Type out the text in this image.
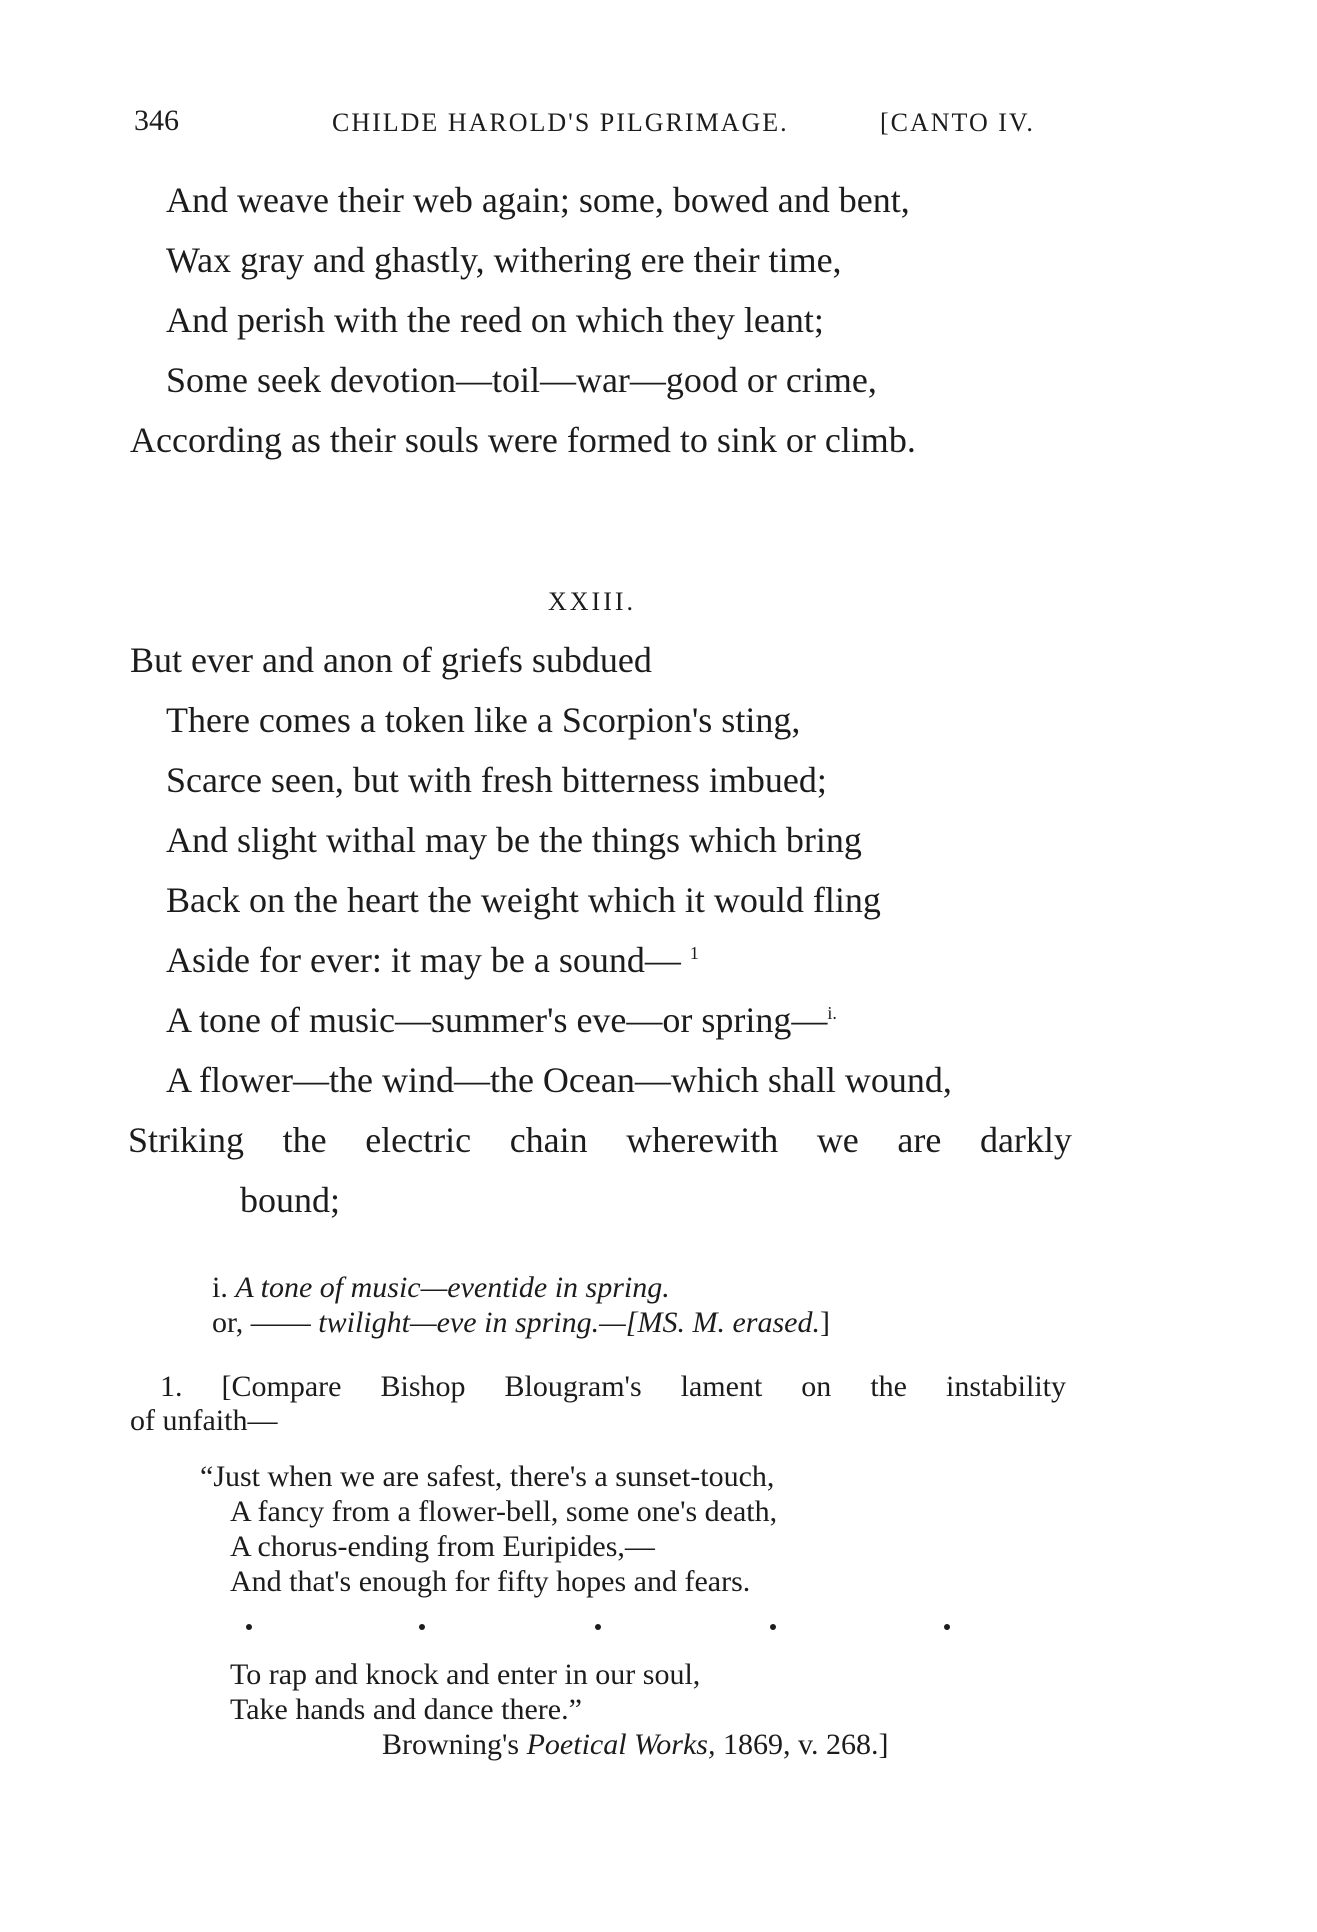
346	CHILDE HAROLD'S PILGRIMAGE.	[CANTO IV.
And weave their web again; some, bowed and bent,
Wax gray and ghastly, withering ere their time,
And perish with the reed on which they leant;
Some seek devotion—toil—war—good or crime,
According as their souls were formed to sink or climb.
XXIII.
But ever and anon of griefs subdued
There comes a token like a Scorpion's sting,
Scarce seen, but with fresh bitterness imbued;
And slight withal may be the things which bring
Back on the heart the weight which it would fling
Aside for ever: it may be a sound— $^1$
A tone of music—summer's eve—or spring—$^{i.}$
A flower—the wind—the Ocean—which shall wound,
Striking the electric chain wherewith we are darkly
bound;
i. A tone of music—eventide in spring.
or, —— twilight—eve in spring.—[MS. M. erased.]
1. [Compare Bishop Blougram's lament on the instability
of unfaith—
“Just when we are safest, there's a sunset-touch,
A fancy from a flower-bell, some one's death,
A chorus-ending from Euripides,—
And that's enough for fifty hopes and fears.
To rap and knock and enter in our soul,
Take hands and dance there.”
Browning's Poetical Works, 1869, v. 268.]
